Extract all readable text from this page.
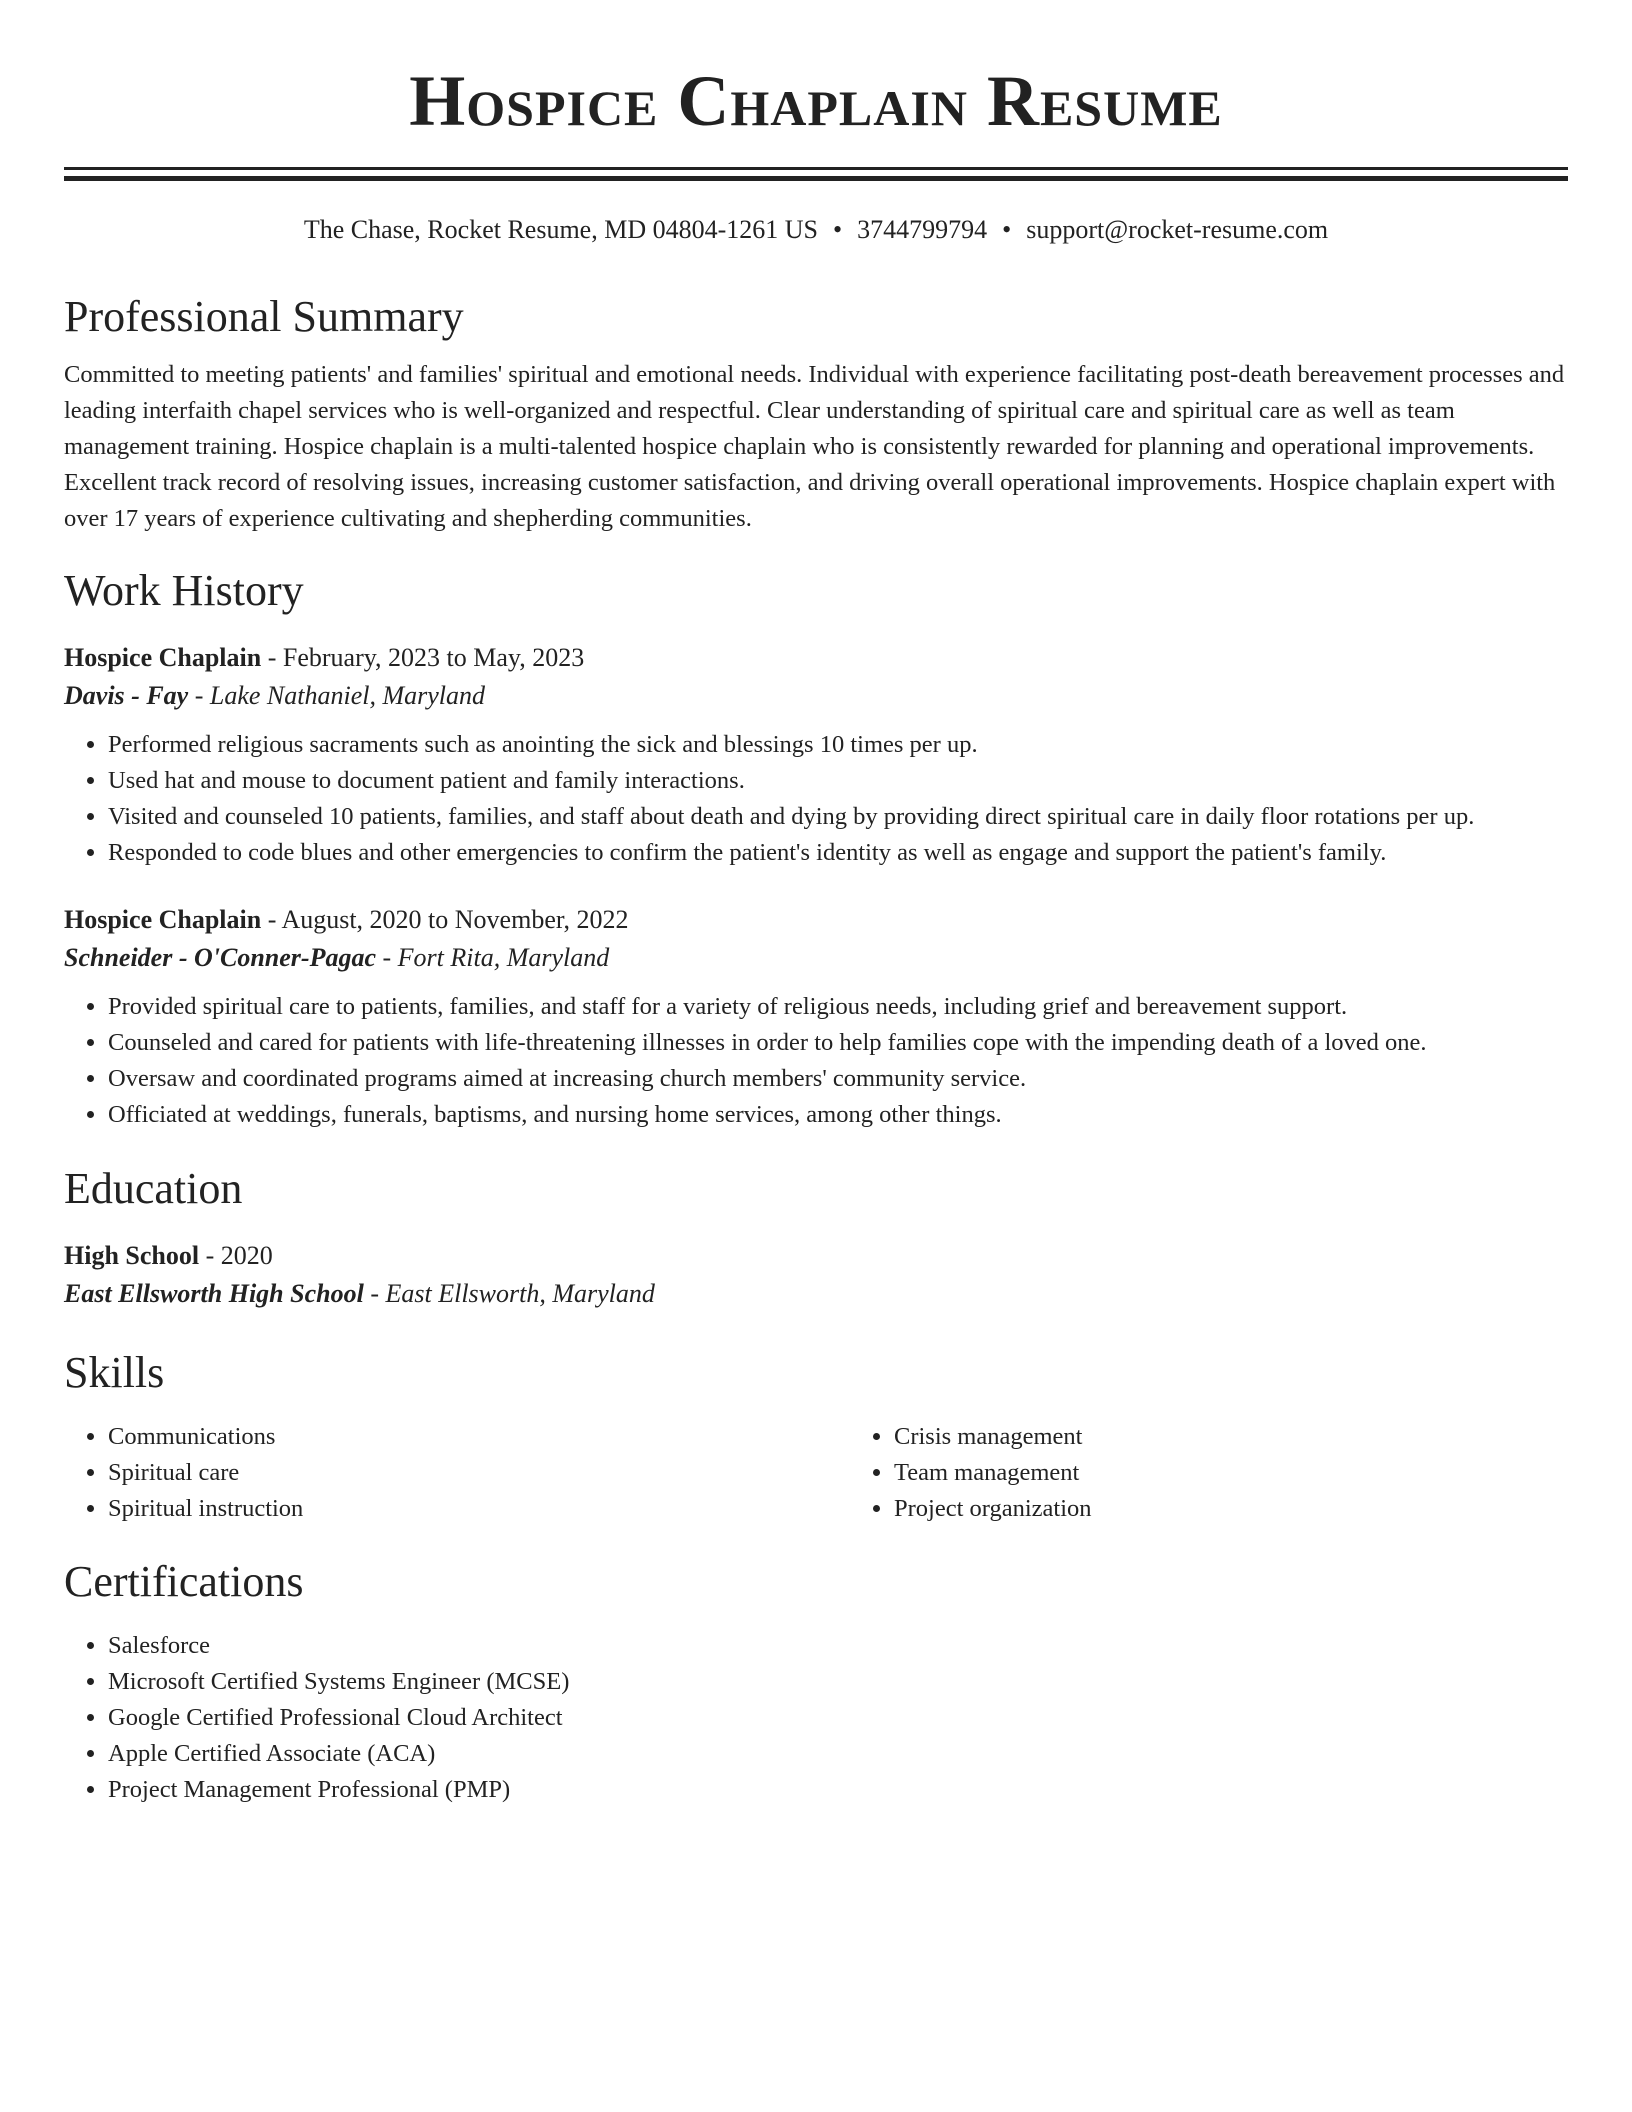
Hospice Chaplain Resume
The Chase, Rocket Resume, MD 04804-1261 US • 3744799794 • support@rocket-resume.com
Professional Summary

Committed to meeting patients' and families' spiritual and emotional needs. Individual with experience facilitating post-death bereavement processes and leading interfaith chapel services who is well-organized and respectful. Clear understanding of spiritual care and spiritual care as well as team management training. Hospice chaplain is a multi-talented hospice chaplain who is consistently rewarded for planning and operational improvements. Excellent track record of resolving issues, increasing customer satisfaction, and driving overall operational improvements. Hospice chaplain expert with over 17 years of experience cultivating and shepherding communities.

Work History
Hospice Chaplain - February, 2023 to May, 2023
Davis - Fay - Lake Nathaniel, Maryland
• Performed religious sacraments such as anointing the sick and blessings 10 times per up.
• Used hat and mouse to document patient and family interactions.
• Visited and counseled 10 patients, families, and staff about death and dying by providing direct spiritual care in daily floor rotations per up.
• Responded to code blues and other emergencies to confirm the patient's identity as well as engage and support the patient's family.
Hospice Chaplain - August, 2020 to November, 2022
Schneider - O'Conner-Pagac - Fort Rita, Maryland
• Provided spiritual care to patients, families, and staff for a variety of religious needs, including grief and bereavement support.
• Counseled and cared for patients with life-threatening illnesses in order to help families cope with the impending death of a loved one.
• Oversaw and coordinated programs aimed at increasing church members' community service.
• Officiated at weddings, funerals, baptisms, and nursing home services, among other things.
Education
High School - 2020
East Ellsworth High School - East Ellsworth, Maryland
Skills
• Communications
• Spiritual care
• Spiritual instruction
• Crisis management
• Team management
• Project organization
Certifications
• Salesforce
• Microsoft Certified Systems Engineer (MCSE)
• Google Certified Professional Cloud Architect
• Apple Certified Associate (ACA)
• Project Management Professional (PMP)
